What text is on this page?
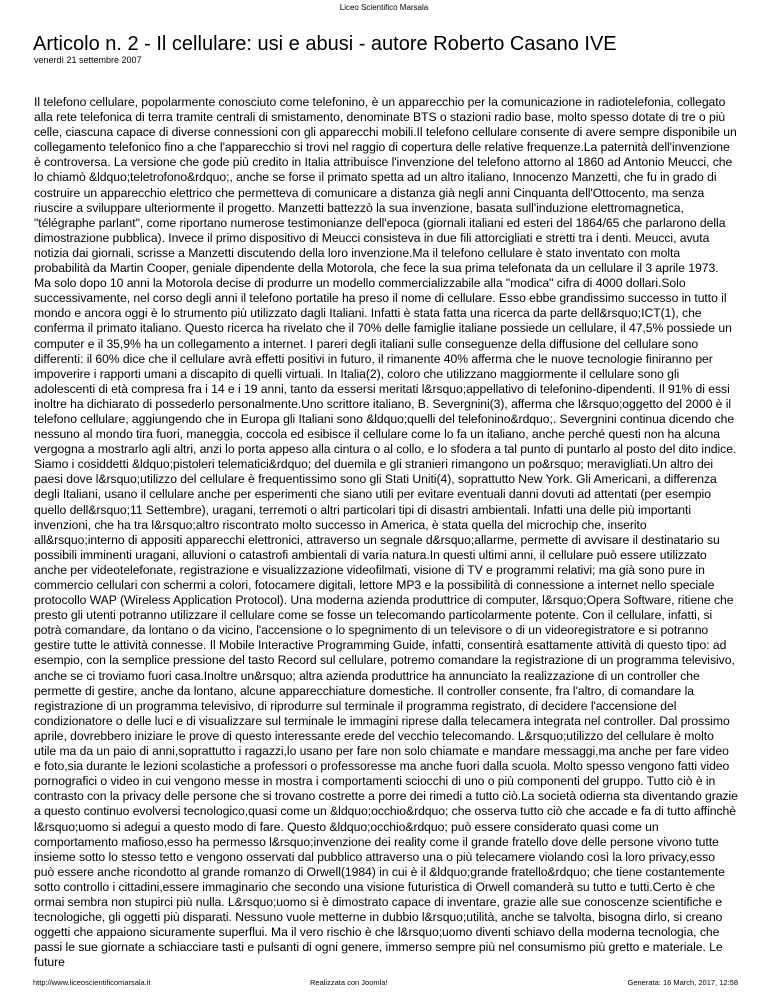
Liceo Scientifico Marsala
Articolo n. 2 - Il cellulare: usi e abusi - autore Roberto Casano IVE
venerdì 21 settembre 2007

Il telefono cellulare, popolarmente conosciuto come telefonino, è un apparecchio per la comunicazione in radiotelefonia, collegato alla rete telefonica di terra tramite centrali di smistamento, denominate BTS o stazioni radio base, molto spesso dotate di tre o più celle, ciascuna capace di diverse connessioni con gli apparecchi mobili.Il telefono cellulare consente di avere sempre disponibile un collegamento telefonico fino a che l'apparecchio si trovi nel raggio di copertura delle relative frequenze.La paternità dell'invenzione è controversa. La versione che gode più credito in Italia attribuisce l'invenzione del telefono attorno al 1860 ad Antonio Meucci, che lo chiamò &ldquo;teletrofono&rdquo;, anche se forse il primato spetta ad un altro italiano, Innocenzo Manzetti, che fu in grado di costruire un apparecchio elettrico che permetteva di comunicare a distanza già negli anni Cinquanta dell'Ottocento, ma senza riuscire a sviluppare ulteriormente il progetto. Manzetti battezzò la sua invenzione, basata sull'induzione elettromagnetica, "télégraphe parlant", come riportano numerose testimonianze dell'epoca (giornali italiani ed esteri del 1864/65 che parlarono della dimostrazione pubblica). Invece il primo dispositivo di Meucci consisteva in due fili attorcigliati e stretti tra i denti. Meucci, avuta notizia dai giornali, scrisse a Manzetti discutendo della loro invenzione.Ma il telefono cellulare è stato inventato con molta probabilità da Martin Cooper, geniale dipendente della Motorola, che fece la sua prima telefonata da un cellulare il 3 aprile 1973. Ma solo dopo 10 anni la Motorola decise di produrre un modello commercializzabile alla "modica" cifra di 4000 dollari.Solo successivamente, nel corso degli anni il telefono portatile ha preso il nome di cellulare. Esso ebbe grandissimo successo in tutto il mondo e ancora oggi è lo strumento più utilizzato dagli Italiani. Infatti è stata fatta una ricerca da parte dell&rsquo;ICT(1), che conferma il primato italiano. Questo ricerca ha rivelato che il 70% delle famiglie italiane possiede un cellulare, il 47,5% possiede un computer e il 35,9% ha un collegamento a internet. I pareri degli italiani sulle conseguenze della diffusione del cellulare sono differenti: il 60% dice che il cellulare avrà effetti positivi in futuro, il rimanente 40% afferma che le nuove tecnologie finiranno per impoverire i rapporti umani a discapito di quelli virtuali. In Italia(2), coloro che utilizzano maggiormente il cellulare sono gli adolescenti di età compresa fra i 14 e i 19 anni, tanto da essersi meritati l&rsquo;appellativo di telefonino-dipendenti. Il 91% di essi inoltre ha dichiarato di possederlo personalmente.Uno scrittore italiano, B. Severgnini(3), afferma che l&rsquo;oggetto del 2000 è il telefono cellulare, aggiungendo che in Europa gli Italiani sono &ldquo;quelli del telefonino&rdquo;. Severgnini continua dicendo che nessuno al mondo tira fuori, maneggia, coccola ed esibisce il cellulare come lo fa un italiano, anche perché questi non ha alcuna vergogna a mostrarlo agli altri, anzi lo porta appeso alla cintura o al collo, e lo sfodera a tal punto di puntarlo al posto del dito indice. Siamo i cosiddetti &ldquo;pistoleri telematici&rdquo; del duemila e gli stranieri rimangono un po&rsquo; meravigliati.Un altro dei paesi dove l&rsquo;utilizzo del cellulare è frequentissimo sono gli Stati Uniti(4), soprattutto New York. Gli Americani, a differenza degli Italiani, usano il cellulare anche per esperimenti che siano utili per evitare eventuali danni dovuti ad attentati (per esempio quello dell&rsquo;11 Settembre), uragani, terremoti o altri particolari tipi di disastri ambientali. Infatti una delle più importanti invenzioni, che ha tra l&rsquo;altro riscontrato molto successo in America, è stata quella del microchip che, inserito all&rsquo;interno di appositi apparecchi elettronici, attraverso un segnale d&rsquo;allarme, permette di avvisare il destinatario su possibili imminenti uragani, alluvioni o catastrofi ambientali di varia natura.In questi ultimi anni, il cellulare può essere utilizzato anche per videotelefonate, registrazione e visualizzazione videofilmati, visione di TV e programmi relativi; ma già sono pure in commercio cellulari con schermi a colori, fotocamere digitali, lettore MP3 e la possibilità di connessione a internet nello speciale protocollo WAP (Wireless Application Protocol). Una moderna azienda produttrice di computer, l&rsquo;Opera Software, ritiene che presto gli utenti potranno utilizzare il cellulare come se fosse un telecomando particolarmente potente. Con il cellulare, infatti, si potrà comandare, da lontano o da vicino, l'accensione o lo spegnimento di un televisore o di un videoregistratore e si potranno gestire tutte le attività connesse. Il Mobile Interactive Programming Guide, infatti, consentirà esattamente attività di questo tipo: ad esempio, con la semplice pressione del tasto Record sul cellulare, potremo comandare la registrazione di un programma televisivo, anche se ci troviamo fuori casa.Inoltre un&rsquo; altra azienda produttrice ha annunciato la realizzazione di un controller che permette di gestire, anche da lontano, alcune apparecchiature domestiche. Il controller consente, fra l'altro, di comandare la registrazione di un programma televisivo, di riprodurre sul terminale il programma registrato, di decidere l'accensione del condizionatore o delle luci e di visualizzare sul terminale le immagini riprese dalla telecamera integrata nel controller. Dal prossimo aprile, dovrebbero iniziare le prove di questo interessante erede del vecchio telecomando. L&rsquo;utilizzo del cellulare è molto utile ma da un paio di anni,soprattutto i ragazzi,lo usano per fare non solo chiamate e mandare messaggi,ma anche per fare video e foto,sia durante le lezioni scolastiche a professori o professoresse ma anche fuori dalla scuola. Molto spesso vengono fatti video pornografici o video in cui vengono messe in mostra i comportamenti sciocchi di uno o più componenti del gruppo. Tutto ciò è in contrasto con la privacy delle persone che si trovano costrette a porre dei rimedi a tutto ciò.La società odierna sta diventando grazie a questo continuo evolversi tecnologico,quasi come un &ldquo;occhio&rdquo; che osserva tutto ciò che accade e fa di tutto affinchè l&rsquo;uomo si adegui a questo modo di fare. Questo &ldquo;occhio&rdquo; può essere considerato quasi come un comportamento mafioso,esso ha permesso l&rsquo;invenzione dei reality come il grande fratello dove delle persone vivono tutte insieme sotto lo stesso tetto e vengono osservati dal pubblico attraverso una o più telecamere violando così la loro privacy,esso può essere anche ricondotto al grande romanzo di Orwell(1984) in cui è il &ldquo;grande fratello&rdquo; che tiene costantemente sotto controllo i cittadini,essere immaginario che secondo una visione futuristica di Orwell comanderà su tutto e tutti.Certo è che ormai sembra non stupirci più nulla. L&rsquo;uomo si è dimostrato capace di inventare, grazie alle sue conoscenze scientifiche e tecnologiche, gli oggetti più disparati. Nessuno vuole metterne in dubbio l&rsquo;utilità, anche se talvolta, bisogna dirlo, si creano oggetti che appaiono sicuramente superflui. Ma il vero rischio è che l&rsquo;uomo diventi schiavo della moderna tecnologia, che passi le sue giornate a schiacciare tasti e pulsanti di ogni genere, immerso sempre più nel consumismo più gretto e materiale. Le future

http://www.liceoscientificomarsala.it	Realizzata con Joomla!	Generata: 16 March, 2017, 12:58
